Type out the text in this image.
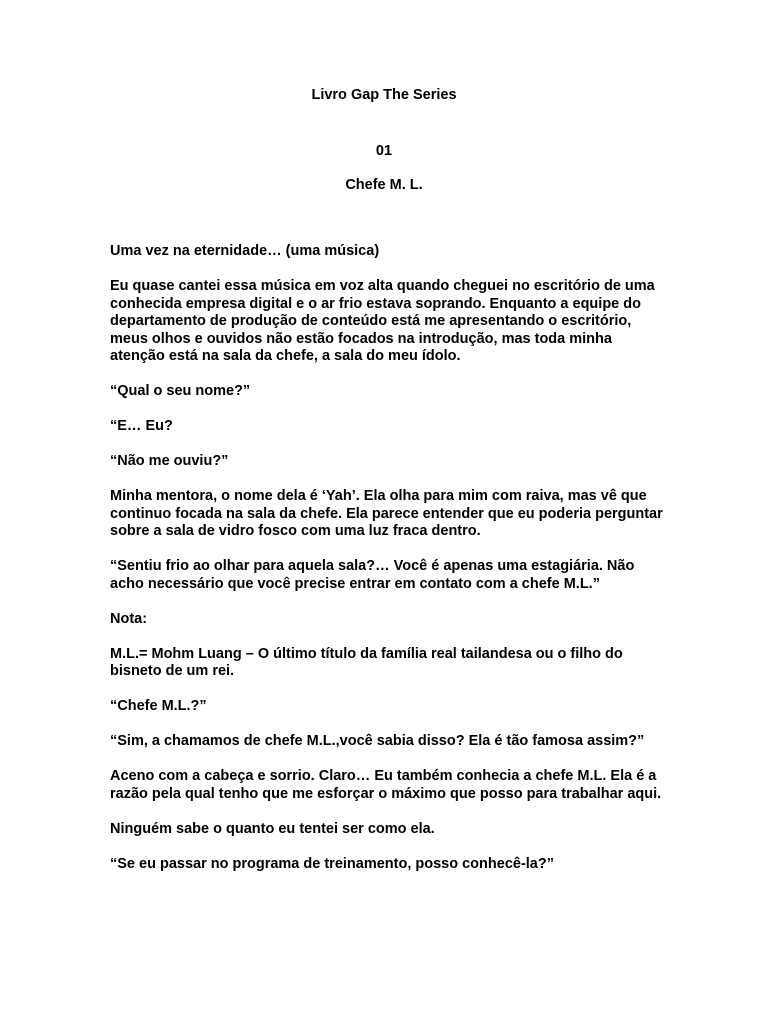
Livro Gap The Series

01

Chefe M. L.

Uma vez na eternidade… (uma música)

Eu quase cantei essa música em voz alta quando cheguei no escritório de uma conhecida empresa digital e o ar frio estava soprando. Enquanto a equipe do departamento de produção de conteúdo está me apresentando o escritório, meus olhos e ouvidos não estão focados na introdução, mas toda minha atenção está na sala da chefe, a sala do meu ídolo.

“Qual o seu nome?”

“E… Eu?

“Não me ouviu?”

Minha mentora, o nome dela é ‘Yah’. Ela olha para mim com raiva, mas vê que continuo focada na sala da chefe. Ela parece entender que eu poderia perguntar sobre a sala de vidro fosco com uma luz fraca dentro.

“Sentiu frio ao olhar para aquela sala?… Você é apenas uma estagiária. Não acho necessário que você precise entrar em contato com a chefe M.L.”

Nota:

M.L.= Mohm Luang – O último título da família real tailandesa ou o filho do bisneto de um rei.

“Chefe M.L.?”

“Sim, a chamamos de chefe M.L.,você sabia disso? Ela é tão famosa assim?”

Aceno com a cabeça e sorrio. Claro… Eu também conhecia a chefe M.L. Ela é a razão pela qual tenho que me esforçar o máximo que posso para trabalhar aqui.

Ninguém sabe o quanto eu tentei ser como ela.

“Se eu passar no programa de treinamento, posso conhecê-la?”
